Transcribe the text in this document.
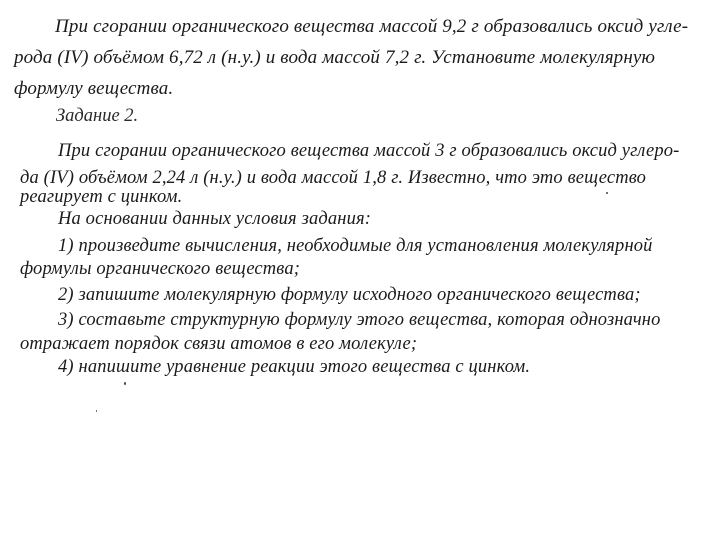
При сгорании органического вещества массой 9,2 г образовались оксид угле-
рода (IV) объёмом 6,72 л (н.у.) и вода массой 7,2 г. Установите молекулярную
формулу вещества.
Задание 2.
При сгорании органического вещества массой 3 г образовались оксид углеро-
да (IV) объёмом 2,24 л (н.у.) и вода массой 1,8 г. Известно, что это вещество
реагирует с цинком.
На основании данных условия задания:
1) произведите вычисления, необходимые для установления молекулярной
формулы органического вещества;
2) запишите молекулярную формулу исходного органического вещества;
3) составьте структурную формулу этого вещества, которая однозначно
отражает порядок связи атомов в его молекуле;
4) напишите уравнение реакции этого вещества с цинком.
